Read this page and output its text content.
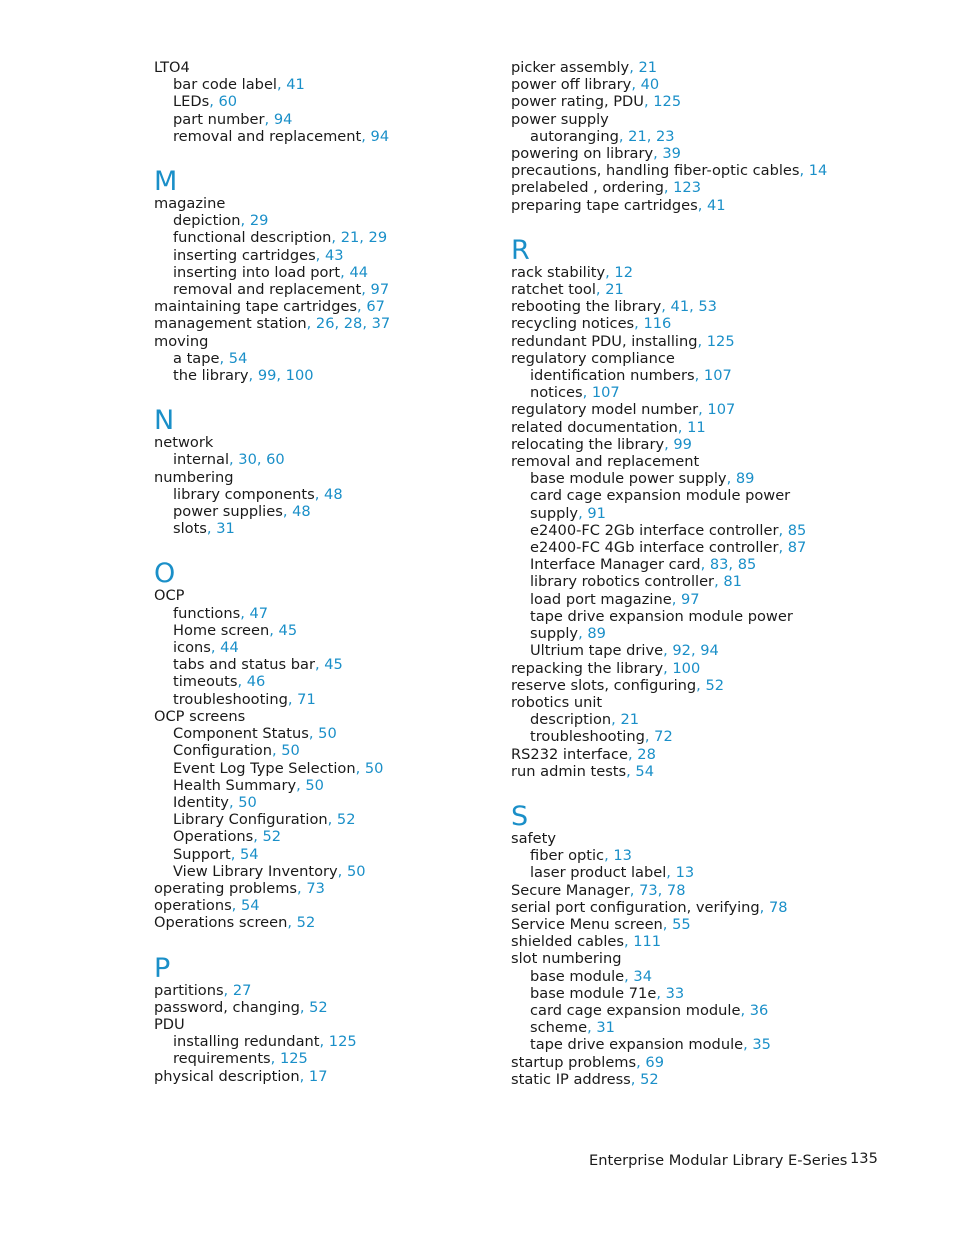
LTO4
bar code label, 41
LEDs, 60
part number, 94
removal and replacement, 94
M
magazine
depiction, 29
functional description, 21, 29
inserting cartridges, 43
inserting into load port, 44
removal and replacement, 97
maintaining tape cartridges, 67
management station, 26, 28, 37
moving
a tape, 54
the library, 99, 100
N
network
internal, 30, 60
numbering
library components, 48
power supplies, 48
slots, 31
O
OCP
functions, 47
Home screen, 45
icons, 44
tabs and status bar, 45
timeouts, 46
troubleshooting, 71
OCP screens
Component Status, 50
Configuration, 50
Event Log Type Selection, 50
Health Summary, 50
Identity, 50
Library Configuration, 52
Operations, 52
Support, 54
View Library Inventory, 50
operating problems, 73
operations, 54
Operations screen, 52
P
partitions, 27
password, changing, 52
PDU
installing redundant, 125
requirements, 125
physical description, 17
picker assembly, 21
power off library, 40
power rating, PDU, 125
power supply
autoranging, 21, 23
powering on library, 39
precautions, handling fiber-optic cables, 14
prelabeled , ordering, 123
preparing tape cartridges, 41
R
rack stability, 12
ratchet tool, 21
rebooting the library, 41, 53
recycling notices, 116
redundant PDU, installing, 125
regulatory compliance
identification numbers, 107
notices, 107
regulatory model number, 107
related documentation, 11
relocating the library, 99
removal and replacement
base module power supply, 89
card cage expansion module power supply, 91
e2400-FC 2Gb interface controller, 85
e2400-FC 4Gb interface controller, 87
Interface Manager card, 83, 85
library robotics controller, 81
load port magazine, 97
tape drive expansion module power supply, 89
Ultrium tape drive, 92, 94
repacking the library, 100
reserve slots, configuring, 52
robotics unit
description, 21
troubleshooting, 72
RS232 interface, 28
run admin tests, 54
S
safety
fiber optic, 13
laser product label, 13
Secure Manager, 73, 78
serial port configuration, verifying, 78
Service Menu screen, 55
shielded cables, 111
slot numbering
base module, 34
base module 71e, 33
card cage expansion module, 36
scheme, 31
tape drive expansion module, 35
startup problems, 69
static IP address, 52
Enterprise Modular Library E-Series 135
